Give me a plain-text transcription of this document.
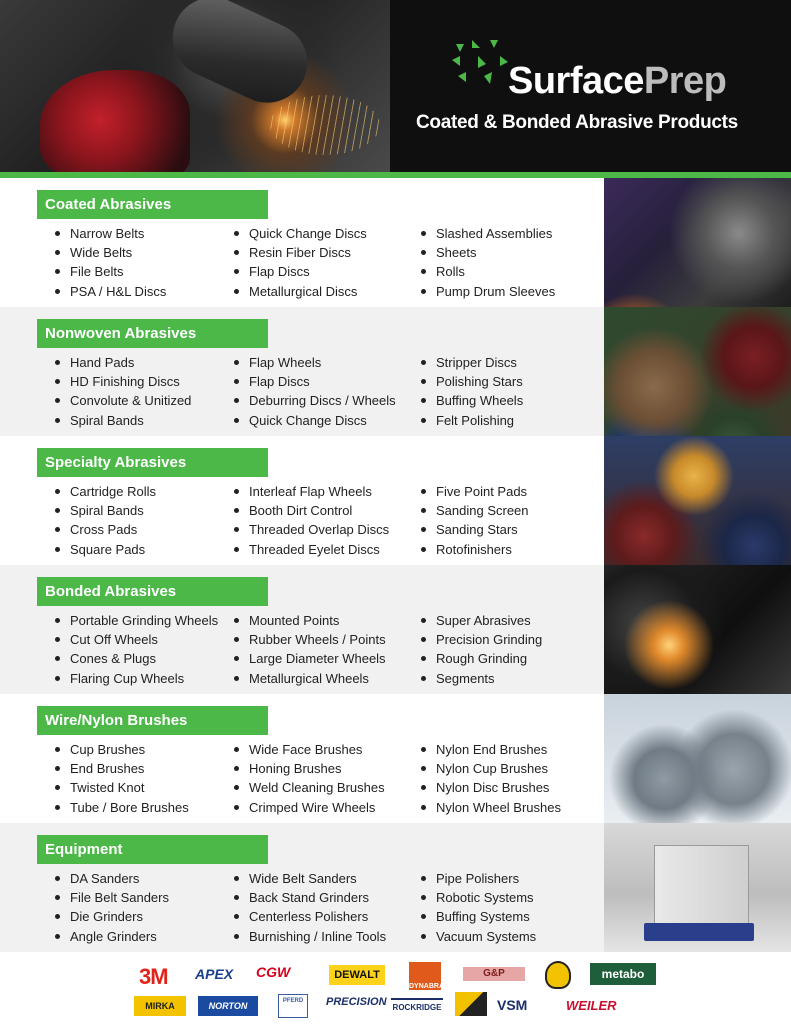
SurfacePrep
Coated & Bonded Abrasive Products
Coated Abrasives
Narrow Belts
Wide Belts
File Belts
PSA / H&L Discs
Quick Change Discs
Resin Fiber Discs
Flap Discs
Metallurgical Discs
Slashed Assemblies
Sheets
Rolls
Pump Drum Sleeves
Nonwoven Abrasives
Hand Pads
HD Finishing Discs
Convolute & Unitized
Spiral Bands
Flap Wheels
Flap Discs
Deburring Discs / Wheels
Quick Change Discs
Stripper Discs
Polishing Stars
Buffing Wheels
Felt Polishing
Specialty Abrasives
Cartridge Rolls
Spiral Bands
Cross Pads
Square Pads
Interleaf Flap Wheels
Booth Dirt Control
Threaded Overlap Discs
Threaded Eyelet Discs
Five Point Pads
Sanding Screen
Sanding Stars
Rotofinishers
Bonded Abrasives
Portable Grinding Wheels
Cut Off Wheels
Cones & Plugs
Flaring Cup Wheels
Mounted Points
Rubber Wheels / Points
Large Diameter Wheels
Metallurgical Wheels
Super Abrasives
Precision Grinding
Rough Grinding
Segments
Wire/Nylon Brushes
Cup Brushes
End Brushes
Twisted Knot
Tube / Bore Brushes
Wide Face Brushes
Honing Brushes
Weld Cleaning Brushes
Crimped Wire Wheels
Nylon End Brushes
Nylon Cup Brushes
Nylon Disc Brushes
Nylon Wheel Brushes
Equipment
DA Sanders
File Belt Sanders
Die Grinders
Angle Grinders
Wide Belt Sanders
Back Stand Grinders
Centerless Polishers
Burnishing / Inline Tools
Pipe Polishers
Robotic Systems
Buffing Systems
Vacuum Systems
3M APEX CGW	DEWALT
DYNABRADE
G&P	metabo
MIRKA	NORTON	PFERD	PRECISION ROCKRIDGE	VSM	WEILER
